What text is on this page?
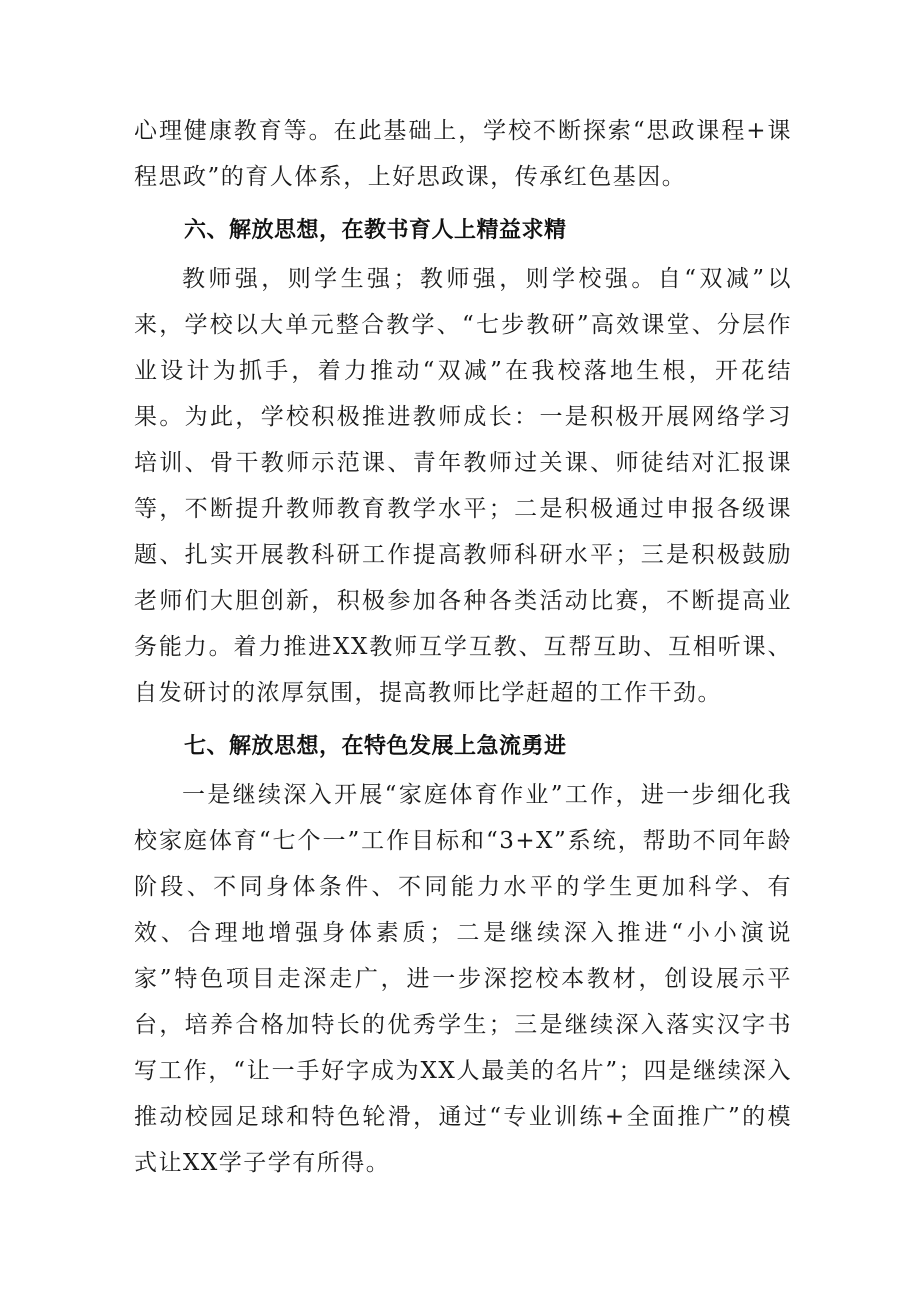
心理健康教育等。在此基础上，学校不断探索“思政课程+课程思政”的育人体系，上好思政课，传承红色基因。

六、解放思想，在教书育人上精益求精

教师强，则学生强；教师强，则学校强。自“双减”以来，学校以大单元整合教学、“七步教研”高效课堂、分层作业设计为抓手，着力推动“双减”在我校落地生根，开花结果。为此，学校积极推进教师成长：一是积极开展网络学习培训、骨干教师示范课、青年教师过关课、师徒结对汇报课等，不断提升教师教育教学水平；二是积极通过申报各级课题、扎实开展教科研工作提高教师科研水平；三是积极鼓励老师们大胆创新，积极参加各种各类活动比赛，不断提高业务能力。着力推进XX教师互学互教、互帮互助、互相听课、自发研讨的浓厚氛围，提高教师比学赶超的工作干劲。

七、解放思想，在特色发展上急流勇进

一是继续深入开展“家庭体育作业”工作，进一步细化我校家庭体育“七个一”工作目标和“3+X”系统，帮助不同年龄阶段、不同身体条件、不同能力水平的学生更加科学、有效、合理地增强身体素质；二是继续深入推进“小小演说家”特色项目走深走广，进一步深挖校本教材，创设展示平台，培养合格加特长的优秀学生；三是继续深入落实汉字书写工作，“让一手好字成为XX人最美的名片”；四是继续深入推动校园足球和特色轮滑，通过“专业训练+全面推广”的模式让XX学子学有所得。
